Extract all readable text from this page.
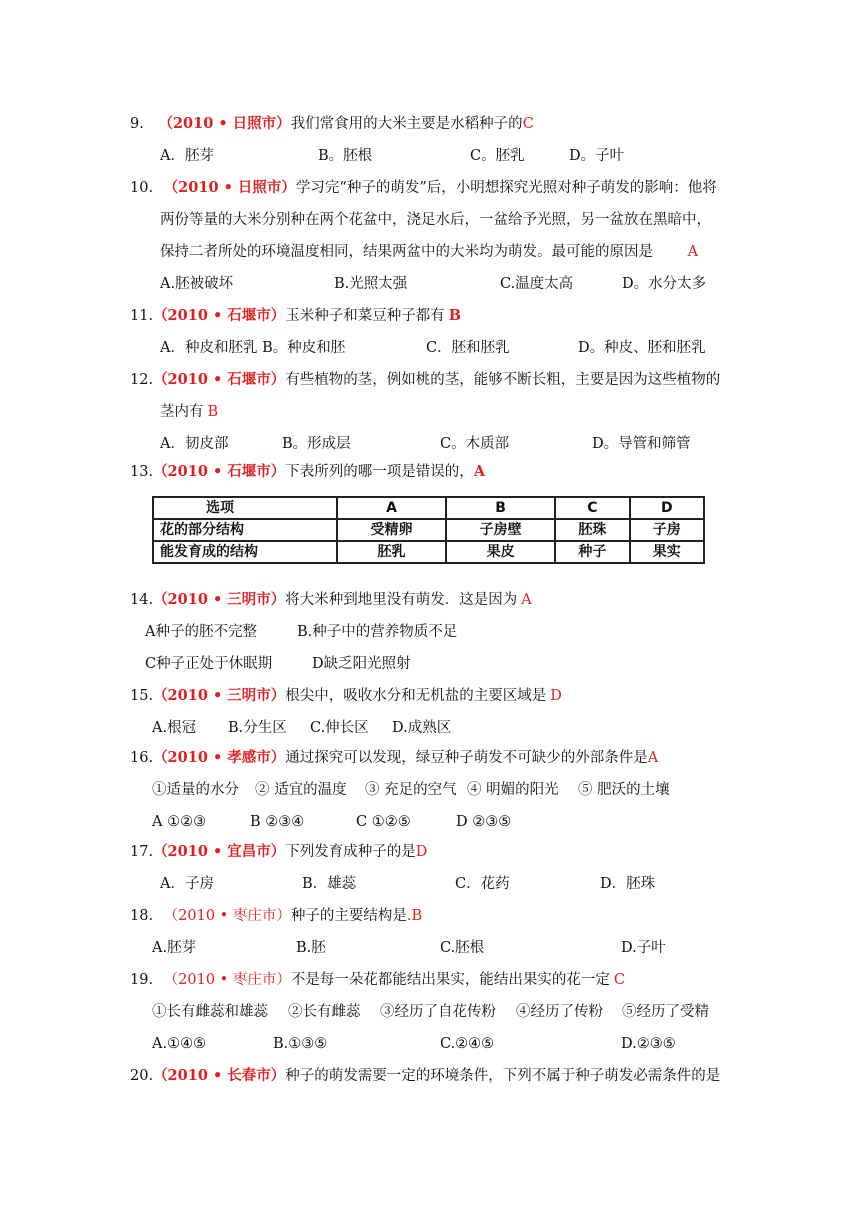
9. （2010 • 日照市）我们常食用的大米主要是水稻种子的C
A．胚芽	B。胚根	C。胚乳	D。子叶
10. （2010 • 日照市）学习完“种子的萌发”后，小明想探究光照对种子萌发的影响：他将
两份等量的大米分别种在两个花盆中，浇足水后，一盆给予光照，另一盆放在黑暗中，
保持二者所处的环境温度相同，结果两盆中的大米均为萌发。最可能的原因是 A
A.胚被破坏	B.光照太强	C.温度太高	D。水分太多
11.（2010 • 石堰市）玉米种子和菜豆种子都有 B
A．种皮和胚乳 B。种皮和胚	C．胚和胚乳	D。种皮、胚和胚乳
12.（2010 • 石堰市）有些植物的茎，例如桃的茎，能够不断长粗，主要是因为这些植物的
茎内有 B
A．韧皮部	B。形成层	C。木质部	D。导管和筛管
13.（2010 • 石堰市）下表所列的哪一项是错误的，A
选项	A	B	C	D
花的部分结构	受精卵	子房壁	胚珠	子房
能发育成的结构	胚乳	果皮	种子	果实
14.（2010 • 三明市）将大米种到地里没有萌发．这是因为 A
A种子的胚不完整	B.种子中的营养物质不足
C种子正处于休眠期	D缺乏阳光照射
15.（2010 • 三明市）根尖中，吸收水分和无机盐的主要区域是 D
A.根冠 B.分生区 C.伸长区 D.成熟区
16.（2010 • 孝感市）通过探究可以发现，绿豆种子萌发不可缺少的外部条件是A
①适量的水分 ② 适宜的温度 ③ 充足的空气 ④ 明媚的阳光 ⑤ 肥沃的土壤
A ①②③	B ②③④	C ①②⑤	D ②③⑤
17.（2010 • 宜昌市）下列发育成种子的是D
A．子房	B．雄蕊	C．花药	D．胚珠
18. （2010 • 枣庄市）种子的主要结构是.B
A.胚芽	B.胚	C.胚根	D.子叶
19. （2010 • 枣庄市）不是每一朵花都能结出果实，能结出果实的花一定 C
①长有雌蕊和雄蕊 ②长有雌蕊 ③经历了自花传粉 ④经历了传粉 ⑤经历了受精
A.①④⑤	B.①③⑤	C.②④⑤	D.②③⑤
20.（2010 • 长春市）种子的萌发需要一定的环境条件，下列不属于种子萌发必需条件的是
